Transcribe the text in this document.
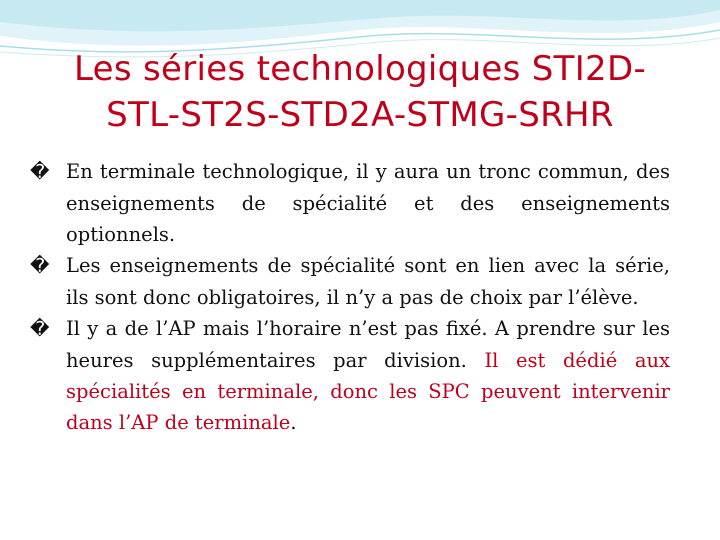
Les séries technologiques STI2D-
STL-ST2S-STD2A-STMG-SRHR

� En terminale technologique, il y aura un tronc commun, des enseignements de spécialité et des enseignements optionnels.

� Les enseignements de spécialité sont en lien avec la série, ils sont donc obligatoires, il n’y a pas de choix par l’élève.

� Il y a de l’AP mais l’horaire n’est pas fixé. A prendre sur les heures supplémentaires par division. Il est dédié aux spécialités en terminale, donc les SPC peuvent intervenir dans l’AP de terminale.
